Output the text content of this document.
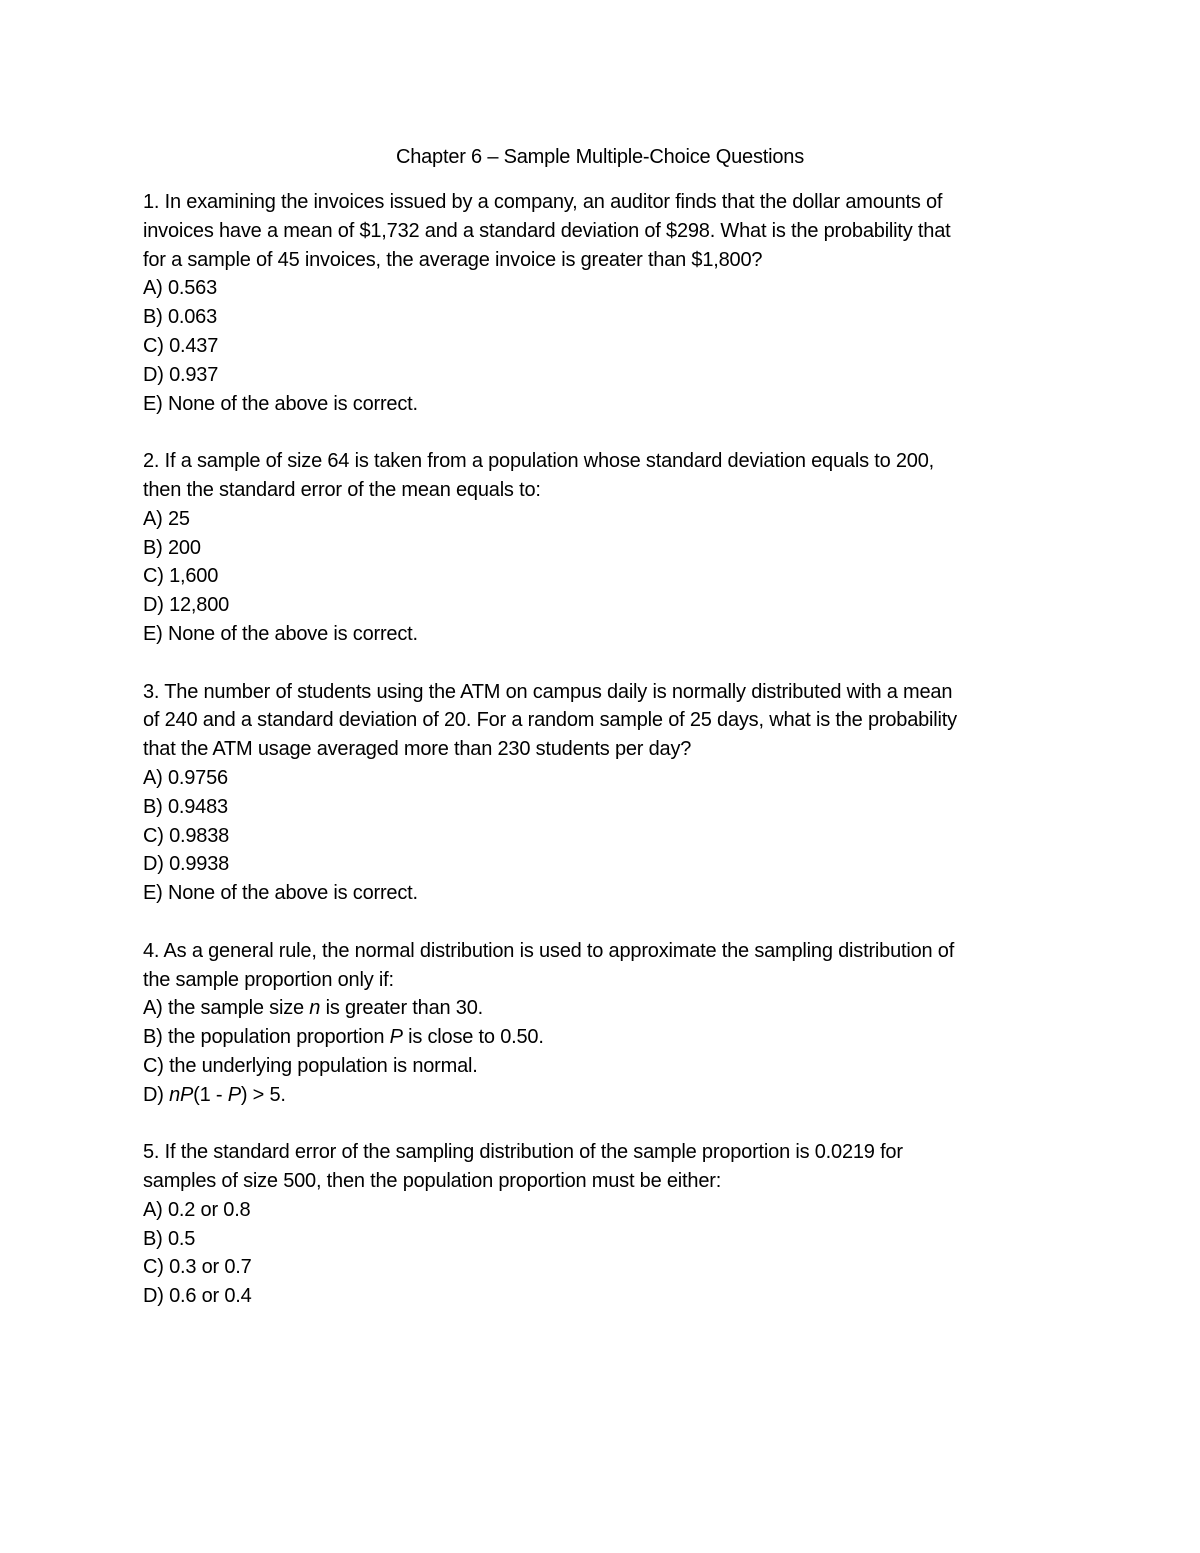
Chapter 6 – Sample Multiple-Choice Questions
1. In examining the invoices issued by a company, an auditor finds that the dollar amounts of
invoices have a mean of $1,732 and a standard deviation of $298. What is the probability that
for a sample of 45 invoices, the average invoice is greater than $1,800?
A) 0.563
B) 0.063
C) 0.437
D) 0.937
E) None of the above is correct.
2. If a sample of size 64 is taken from a population whose standard deviation equals to 200,
then the standard error of the mean equals to:
A) 25
B) 200
C) 1,600
D) 12,800
E) None of the above is correct.
3. The number of students using the ATM on campus daily is normally distributed with a mean
of 240 and a standard deviation of 20. For a random sample of 25 days, what is the probability
that the ATM usage averaged more than 230 students per day?
A) 0.9756
B) 0.9483
C) 0.9838
D) 0.9938
E) None of the above is correct.
4. As a general rule, the normal distribution is used to approximate the sampling distribution of
the sample proportion only if:
A) the sample size n is greater than 30.
B) the population proportion P is close to 0.50.
C) the underlying population is normal.
D) nP(1 - P) > 5.
5. If the standard error of the sampling distribution of the sample proportion is 0.0219 for
samples of size 500, then the population proportion must be either:
A) 0.2 or 0.8
B) 0.5
C) 0.3 or 0.7
D) 0.6 or 0.4
